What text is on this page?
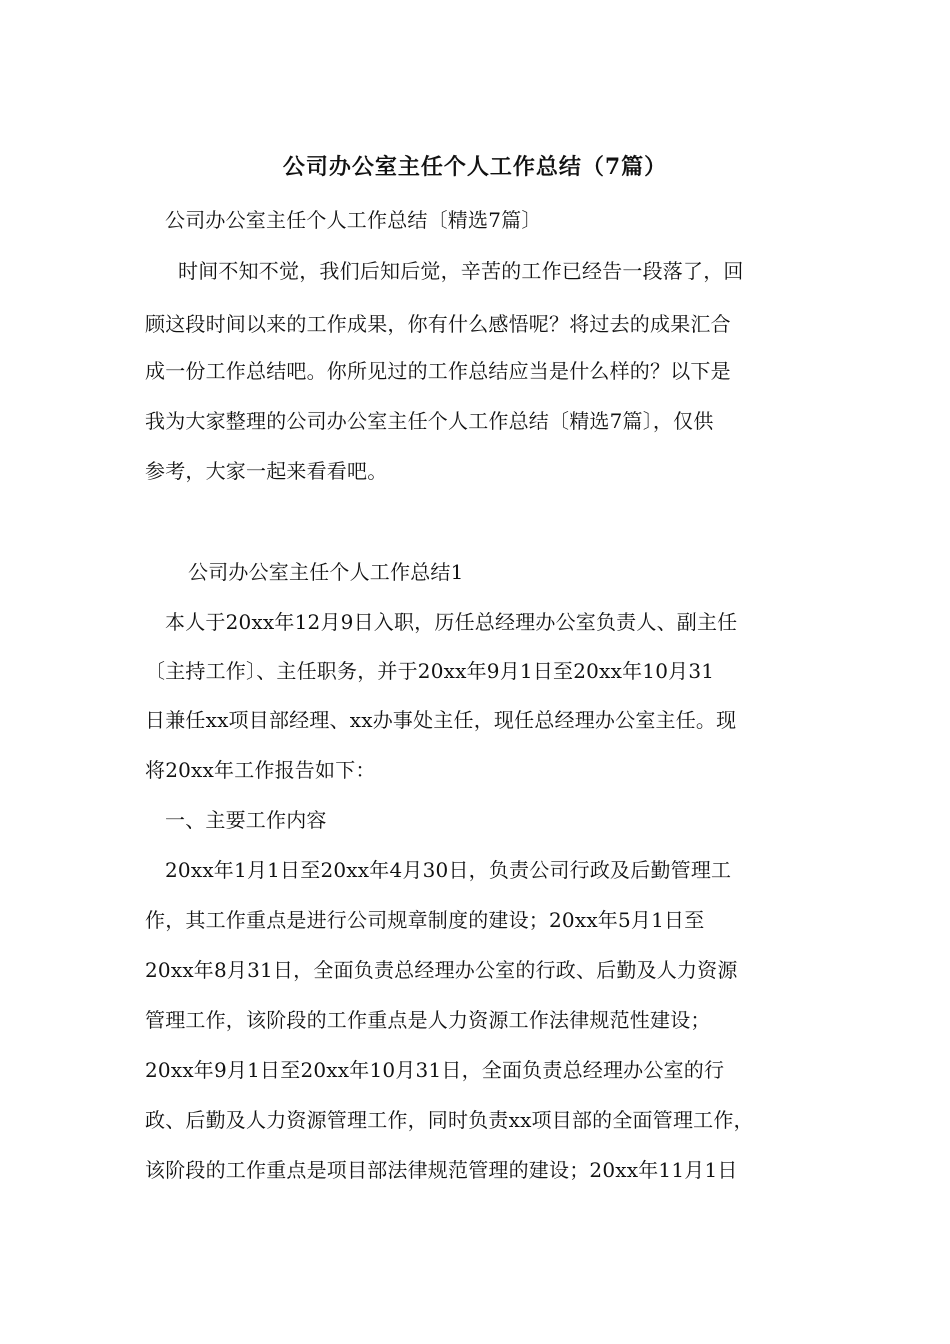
公司办公室主任个人工作总结（7篇）
公司办公室主任个人工作总结〔精选7篇〕
时间不知不觉，我们后知后觉，辛苦的工作已经告一段落了，回
顾这段时间以来的工作成果，你有什么感悟呢？将过去的成果汇合
成一份工作总结吧。你所见过的工作总结应当是什么样的？以下是
我为大家整理的公司办公室主任个人工作总结〔精选7篇〕，仅供
参考，大家一起来看看吧。
公司办公室主任个人工作总结1
本人于20xx年12月9日入职，历任总经理办公室负责人、副主任
〔主持工作〕、主任职务，并于20xx年9月1日至20xx年10月31
日兼任xx项目部经理、xx办事处主任，现任总经理办公室主任。现
将20xx年工作报告如下：
一、主要工作内容
20xx年1月1日至20xx年4月30日，负责公司行政及后勤管理工
作，其工作重点是进行公司规章制度的建设；20xx年5月1日至
20xx年8月31日，全面负责总经理办公室的行政、后勤及人力资源
管理工作，该阶段的工作重点是人力资源工作法律规范性建设；
20xx年9月1日至20xx年10月31日，全面负责总经理办公室的行
政、后勤及人力资源管理工作，同时负责xx项目部的全面管理工作，
该阶段的工作重点是项目部法律规范管理的建设；20xx年11月1日
